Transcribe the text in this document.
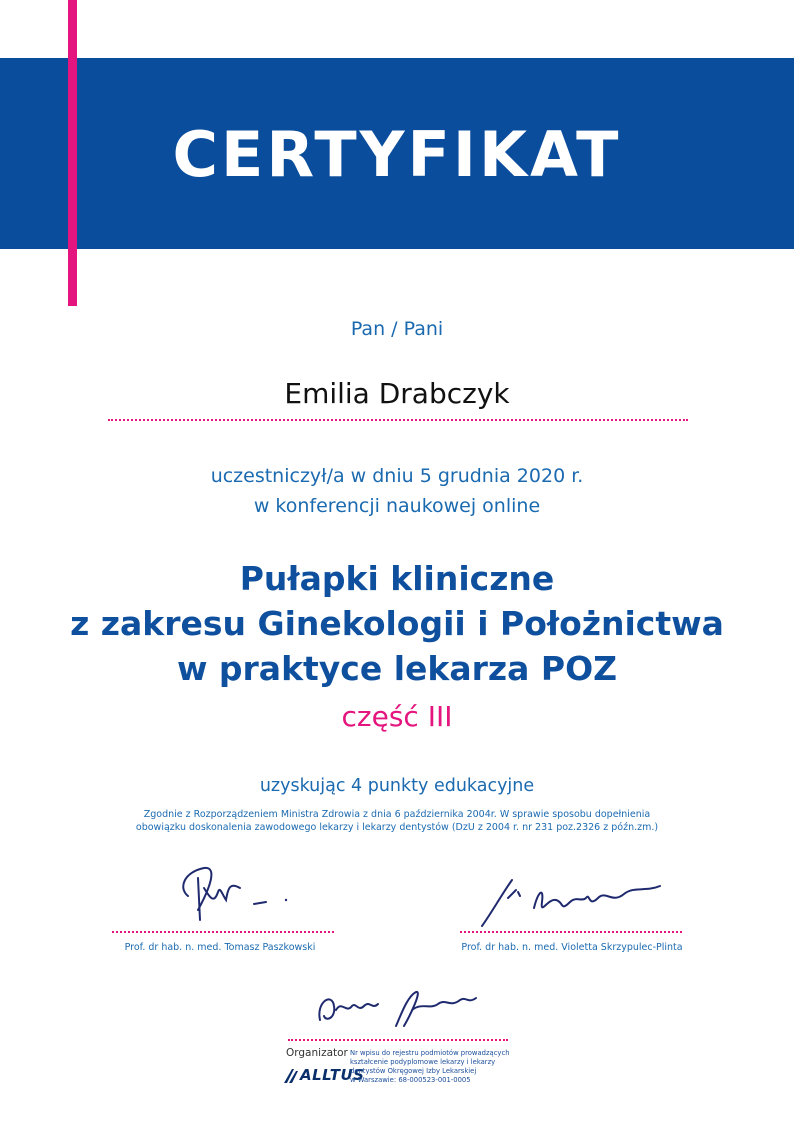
CERTYFIKAT
Pan / Pani
Emilia Drabczyk
uczestniczył/a w dniu 5 grudnia 2020 r.
w konferencji naukowej online
Pułapki kliniczne
z zakresu Ginekologii i Położnictwa
w praktyce lekarza POZ
część III
uzyskując 4 punkty edukacyjne
Zgodnie z Rozporządzeniem Ministra Zdrowia z dnia 6 października 2004r. W sprawie sposobu dopełnienia
obowiązku doskonalenia zawodowego lekarzy i lekarzy dentystów (DzU z 2004 r. nr 231 poz.2326 z późn.zm.)
Prof. dr hab. n. med. Tomasz Paszkowski	Prof. dr hab. n. med. Violetta Skrzypulec-Plinta
Organizator
ALLTUS
Nr wpisu do rejestru podmiotów prowadzących
kształcenie podyplomowe lekarzy i lekarzy
dentystów Okręgowej Izby Lekarskiej
w Warszawie: 68-000523-001-0005
